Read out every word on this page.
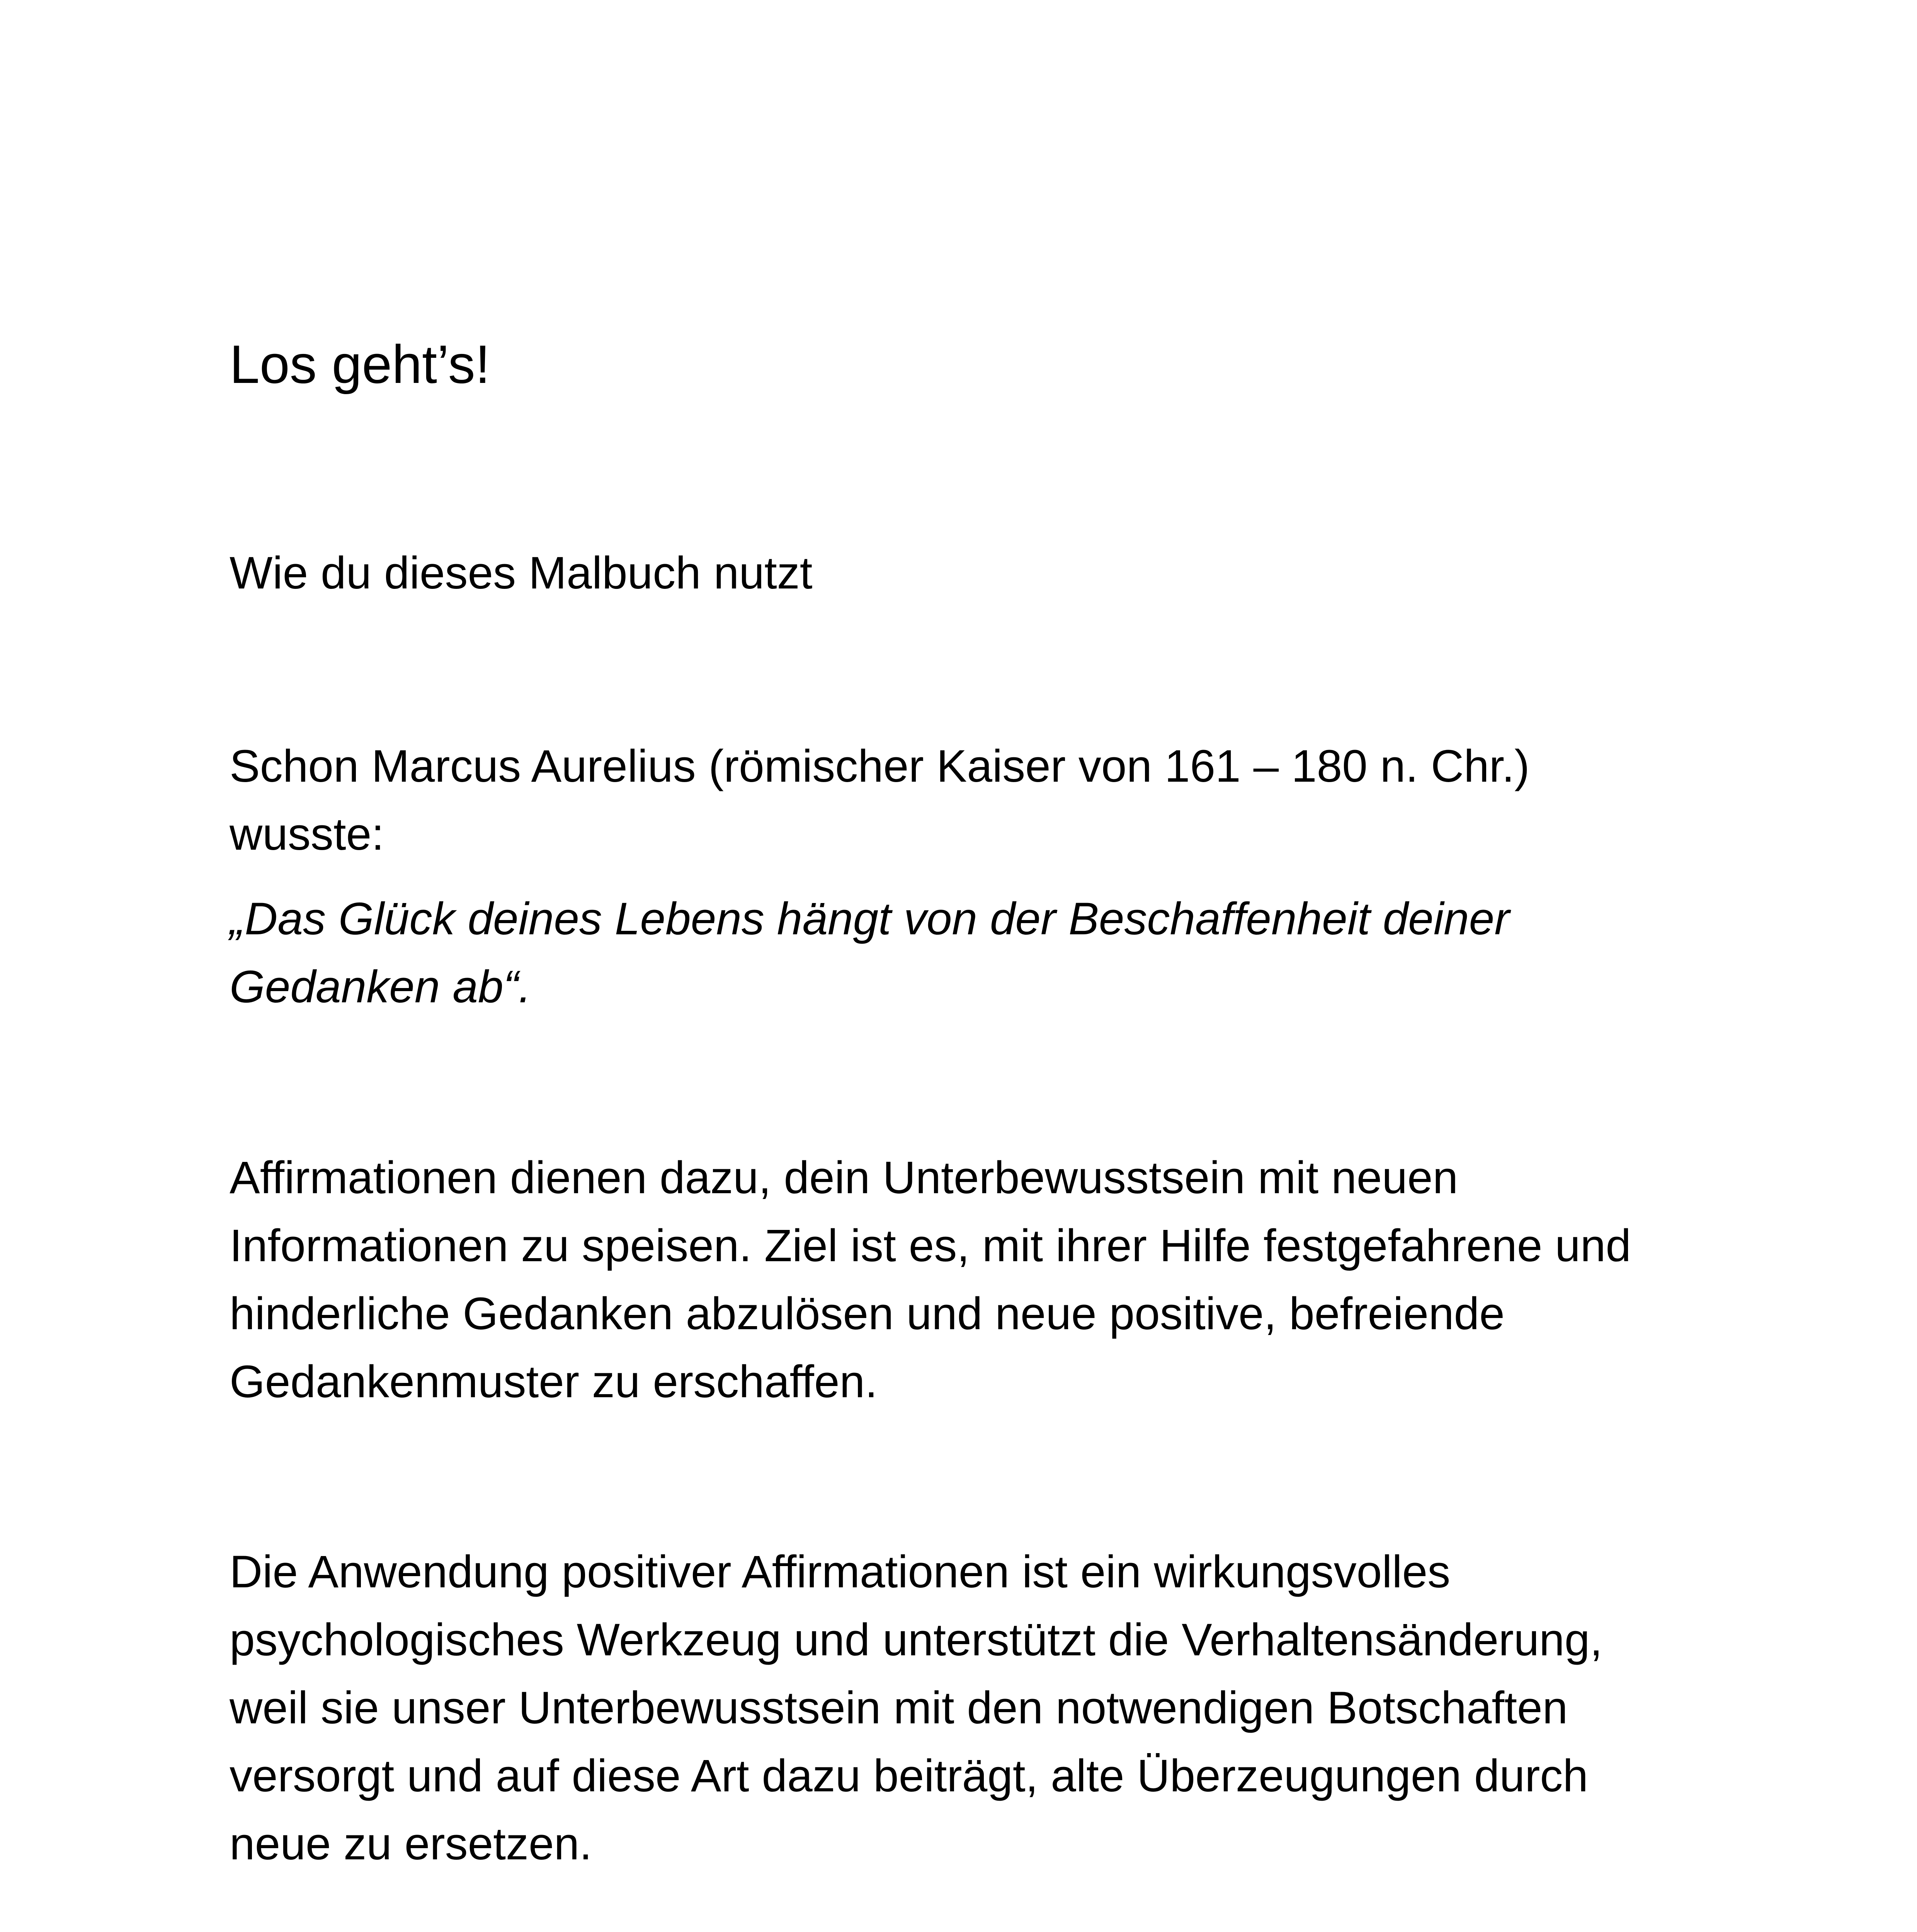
Los geht’s!
Wie du dieses Malbuch nutzt

Schon Marcus Aurelius (römischer Kaiser von 161 – 180 n. Chr.)
wusste:

„Das Glück deines Lebens hängt von der Beschaffenheit deiner
Gedanken ab“.

Affirmationen dienen dazu, dein Unterbewusstsein mit neuen
Informationen zu speisen. Ziel ist es, mit ihrer Hilfe festgefahrene und
hinderliche Gedanken abzulösen und neue positive, befreiende
Gedankenmuster zu erschaffen.

Die Anwendung positiver Affirmationen ist ein wirkungsvolles
psychologisches Werkzeug und unterstützt die Verhaltensänderung,
weil sie unser Unterbewusstsein mit den notwendigen Botschaften
versorgt und auf diese Art dazu beiträgt, alte Überzeugungen durch
neue zu ersetzen.
